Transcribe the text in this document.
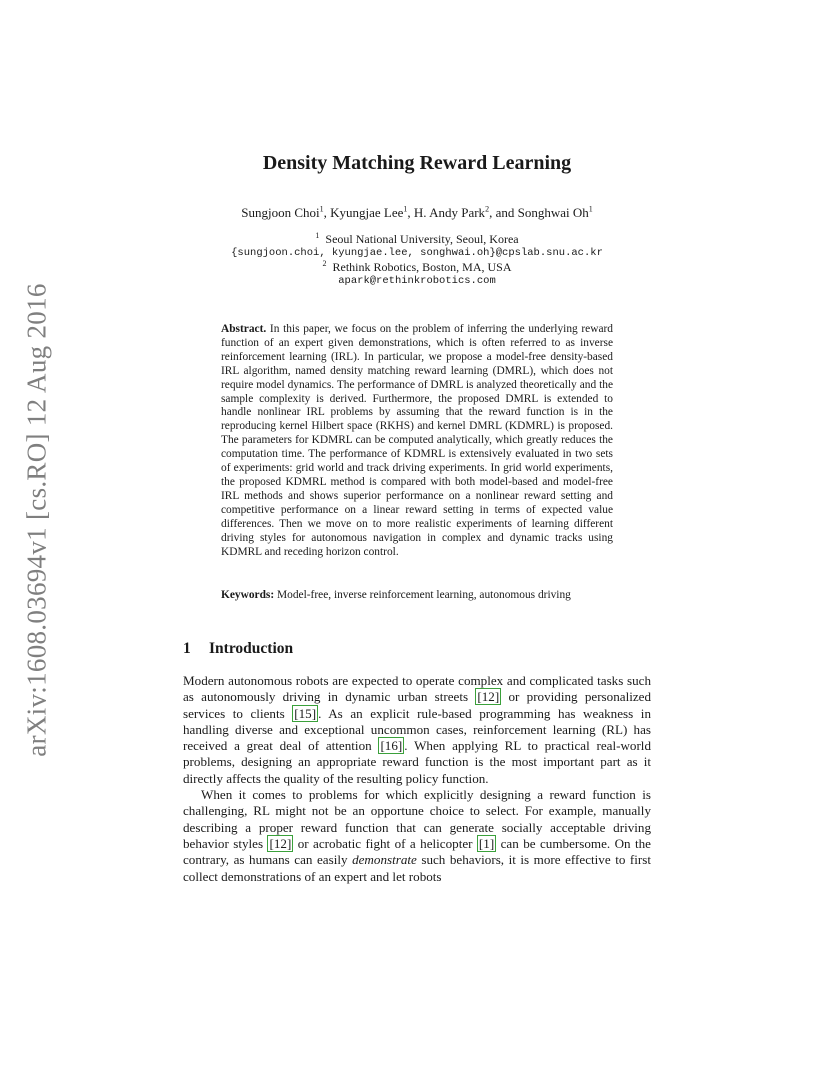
arXiv:1608.03694v1 [cs.RO] 12 Aug 2016
Density Matching Reward Learning
Sungjoon Choi$^1$, Kyungjae Lee$^1$, H. Andy Park$^2$, and Songhwai Oh$^1$
$^1$ Seoul National University, Seoul, Korea
{sungjoon.choi, kyungjae.lee, songhwai.oh}@cpslab.snu.ac.kr
$^2$ Rethink Robotics, Boston, MA, USA
apark@rethinkrobotics.com
Abstract. In this paper, we focus on the problem of inferring the underlying reward function of an expert given demonstrations, which is often referred to as inverse reinforcement learning (IRL). In particular, we propose a model-free density-based IRL algorithm, named density matching reward learning (DMRL), which does not require model dynamics. The performance of DMRL is analyzed theoretically and the sample complexity is derived. Furthermore, the proposed DMRL is extended to handle nonlinear IRL problems by assuming that the reward function is in the reproducing kernel Hilbert space (RKHS) and kernel DMRL (KDMRL) is proposed. The parameters for KDMRL can be computed analytically, which greatly reduces the computation time. The performance of KDMRL is extensively evaluated in two sets of experiments: grid world and track driving experiments. In grid world experiments, the proposed KDMRL method is compared with both model-based and model-free IRL methods and shows superior performance on a nonlinear reward setting and competitive performance on a linear reward setting in terms of expected value differences. Then we move on to more realistic experiments of learning different driving styles for autonomous navigation in complex and dynamic tracks using KDMRL and receding horizon control.
Keywords: Model-free, inverse reinforcement learning, autonomous driving
1 Introduction

Modern autonomous robots are expected to operate complex and complicated tasks such as autonomously driving in dynamic urban streets [12] or providing personalized services to clients [15] . As an explicit rule-based programming has weakness in handling diverse and exceptional uncommon cases, reinforcement learning (RL) has received a great deal of attention [16] . When applying RL to practical real-world problems, designing an appropriate reward function is the most important part as it directly affects the quality of the resulting policy function.

When it comes to problems for which explicitly designing a reward function is challenging, RL might not be an opportune choice to select. For example, manually describing a proper reward function that can generate socially acceptable driving behavior styles [12] or acrobatic fight of a helicopter [1] can be cumbersome. On the contrary, as humans can easily demonstrate such behaviors, it is more effective to first collect demonstrations of an expert and let robots
